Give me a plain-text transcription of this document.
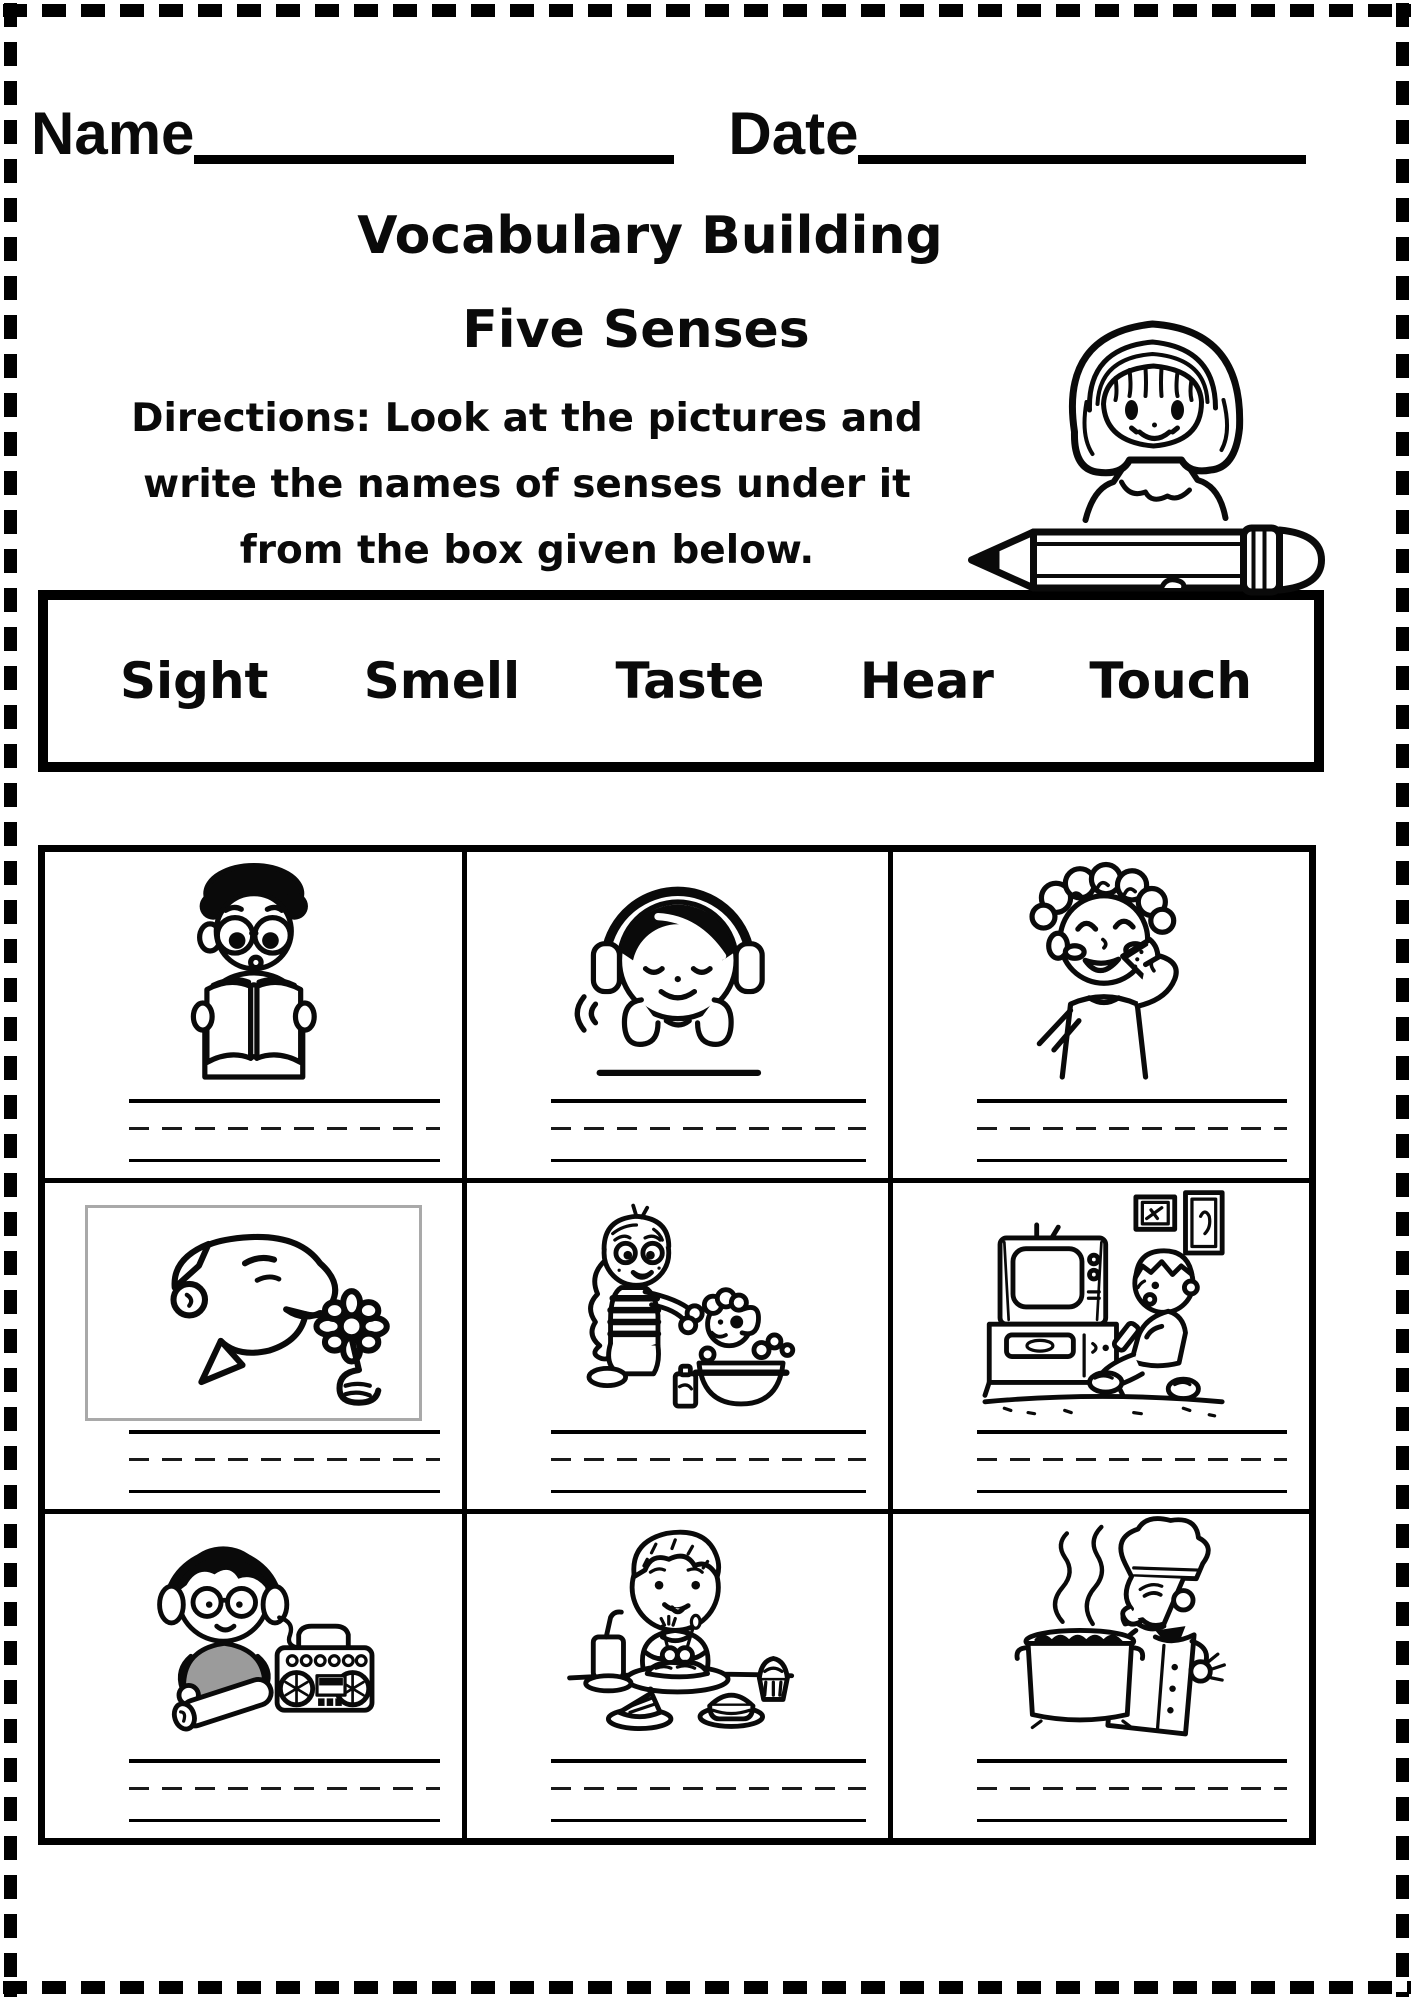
Name	Date
Vocabulary Building
Five Senses
Directions: Look at the pictures and
write the names of senses under it
from the box given below.
Sight Smell Taste Hear Touch
